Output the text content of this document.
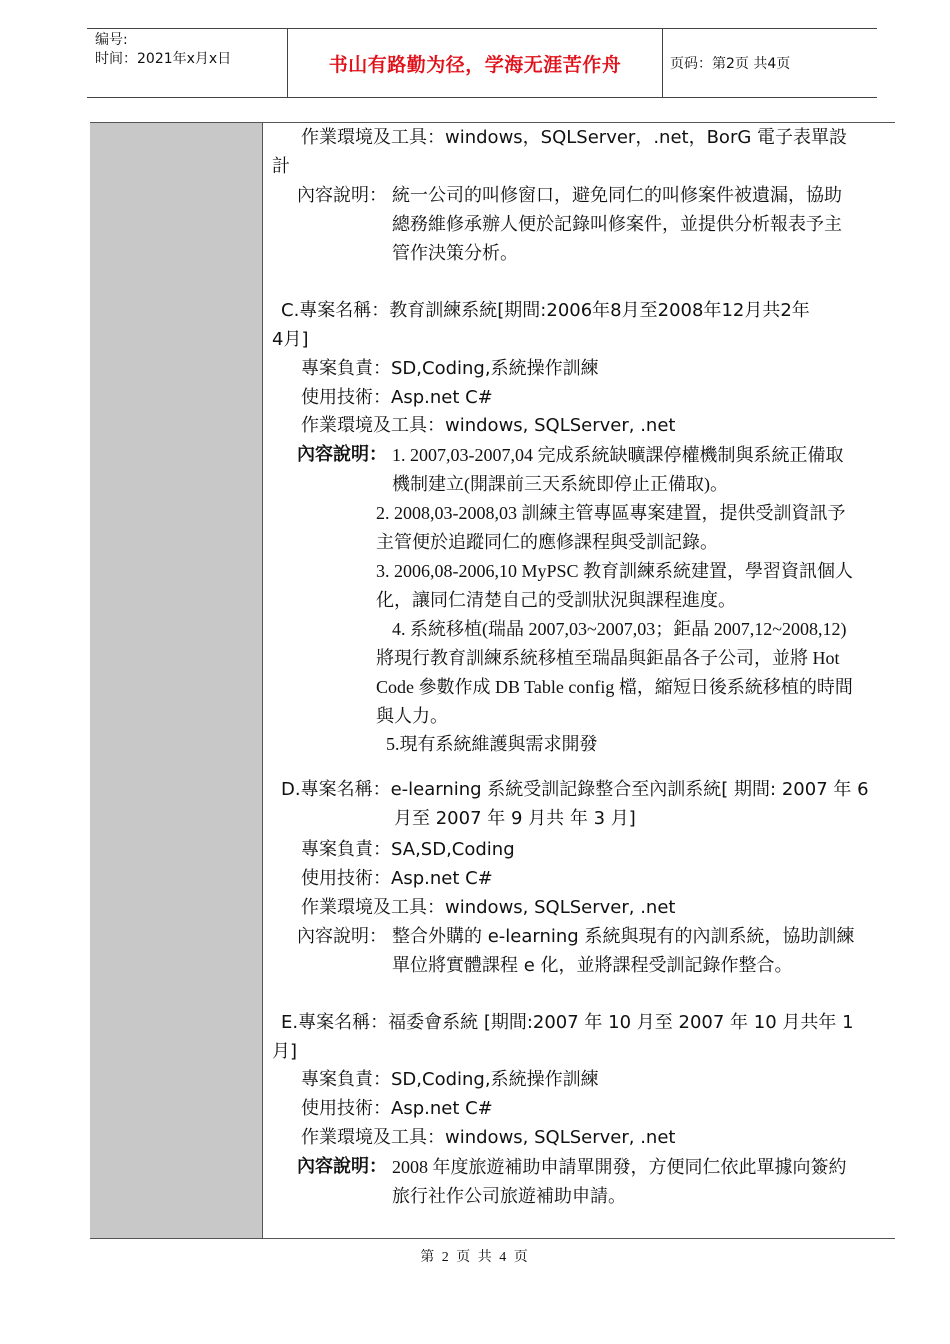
编号:
时间：2021年x月x日	书山有路勤为径，学海无涯苦作舟	页码：第2页 共4页
作業環境及工具：windows，SQLServer，.net，BorG 電子表單設
計
內容說明： 統一公司的叫修窗口，避免同仁的叫修案件被遺漏，協助
總務維修承辦人便於記錄叫修案件，並提供分析報表予主
管作決策分析。
C.專案名稱：教育訓練系統[期間:2006年8月至2008年12月共2年
4月]
專案負責：SD,Coding,系統操作訓練
使用技術：Asp.net C#
作業環境及工具：windows, SQLServer, .net
內容說明： 1. 2007,03-2007,04 完成系統缺曠課停權機制與系統正備取
機制建立(開課前三天系統即停止正備取)。
2. 2008,03-2008,03 訓練主管專區專案建置，提供受訓資訊予
主管便於追蹤同仁的應修課程與受訓記錄。
3. 2006,08-2006,10 MyPSC 教育訓練系統建置，學習資訊個人
化，讓同仁清楚自己的受訓狀況與課程進度。
4. 系統移植(瑞晶 2007,03~2007,03；鉅晶 2007,12~2008,12)
將現行教育訓練系統移植至瑞晶與鉅晶各子公司，並將 Hot
Code 參數作成 DB Table config 檔，縮短日後系統移植的時間
與人力。
5.現有系統維護與需求開發
D.專案名稱：e-learning 系統受訓記錄整合至內訓系統[ 期間: 2007 年 6
月至 2007 年 9 月共 年 3 月]
專案負責：SA,SD,Coding
使用技術：Asp.net C#
作業環境及工具：windows, SQLServer, .net
內容說明： 整合外購的 e-learning 系統與現有的內訓系統，協助訓練
單位將實體課程 e 化，並將課程受訓記錄作整合。
E.專案名稱：福委會系統 [期間:2007 年 10 月至 2007 年 10 月共年 1
月]
專案負責：SD,Coding,系統操作訓練
使用技術：Asp.net C#
作業環境及工具：windows, SQLServer, .net
內容說明： 2008 年度旅遊補助申請單開發，方便同仁依此單據向簽約
旅行社作公司旅遊補助申請。
第 2 页 共 4 页
